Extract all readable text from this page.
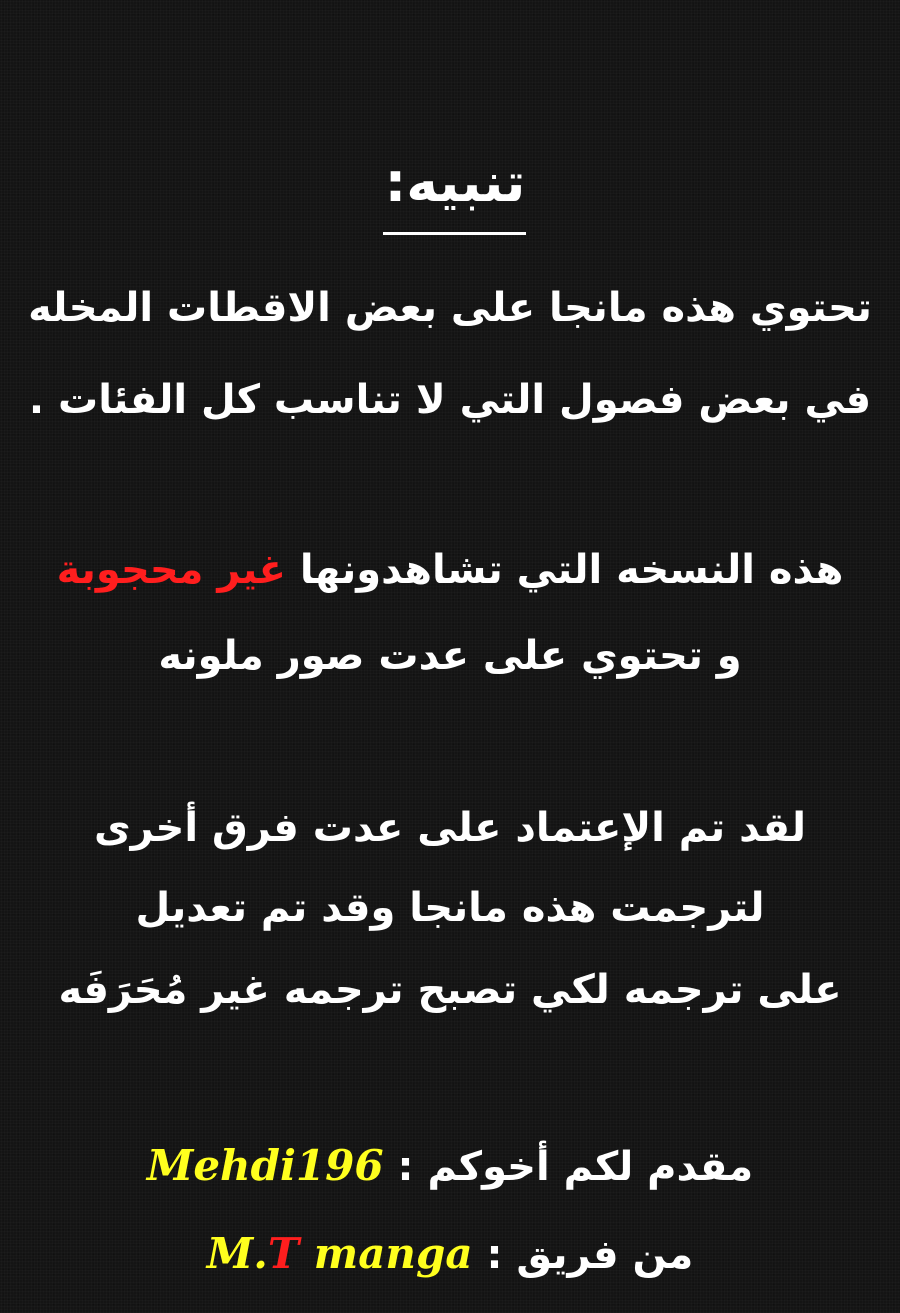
تنبيه:
تحتوي هذه مانجا على بعض الاقطات المخله
في بعض فصول التي لا تناسب كل الفئات .
هذه النسخه التي تشاهدونها غير محجوبة
و تحتوي على عدت صور ملونه
لقد تم الإعتماد على عدت فرق أخرى
لترجمت هذه مانجا وقد تم تعديل
على ترجمه لكي تصبح ترجمه غير مُحَرَفَه
مقدم لكم أخوكم : Mehdi196
من فريق : M.T manga
